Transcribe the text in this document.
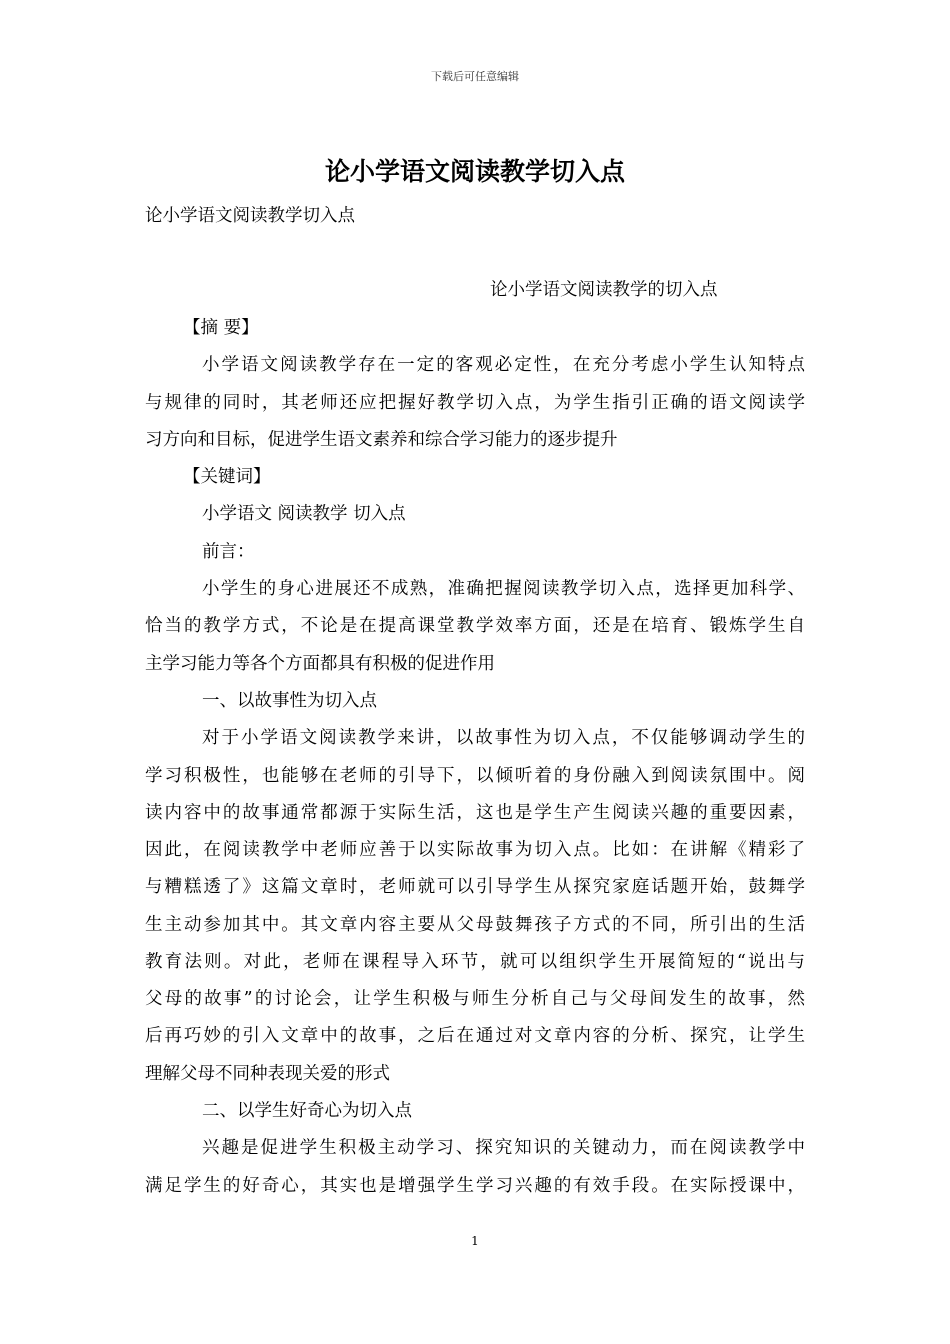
下载后可任意编辑
论小学语文阅读教学切入点
论小学语文阅读教学切入点
论小学语文阅读教学的切入点
【摘 要】
小学语文阅读教学存在一定的客观必定性，在充分考虑小学生认知特点
与规律的同时，其老师还应把握好教学切入点，为学生指引正确的语文阅读学
习方向和目标，促进学生语文素养和综合学习能力的逐步提升
【关键词】
小学语文 阅读教学 切入点
前言：
小学生的身心进展还不成熟，准确把握阅读教学切入点，选择更加科学、
恰当的教学方式，不论是在提高课堂教学效率方面，还是在培育、锻炼学生自
主学习能力等各个方面都具有积极的促进作用
一、以故事性为切入点
对于小学语文阅读教学来讲，以故事性为切入点，不仅能够调动学生的
学习积极性，也能够在老师的引导下，以倾听着的身份融入到阅读氛围中。阅
读内容中的故事通常都源于实际生活，这也是学生产生阅读兴趣的重要因素，
因此，在阅读教学中老师应善于以实际故事为切入点。比如：在讲解《精彩了
与糟糕透了》这篇文章时，老师就可以引导学生从探究家庭话题开始，鼓舞学
生主动参加其中。其文章内容主要从父母鼓舞孩子方式的不同，所引出的生活
教育法则。对此，老师在课程导入环节，就可以组织学生开展简短的“说出与
父母的故事”的讨论会，让学生积极与师生分析自己与父母间发生的故事，然
后再巧妙的引入文章中的故事，之后在通过对文章内容的分析、探究，让学生
理解父母不同种表现关爱的形式
二、以学生好奇心为切入点
兴趣是促进学生积极主动学习、探究知识的关键动力，而在阅读教学中
满足学生的好奇心，其实也是增强学生学习兴趣的有效手段。在实际授课中，
1
